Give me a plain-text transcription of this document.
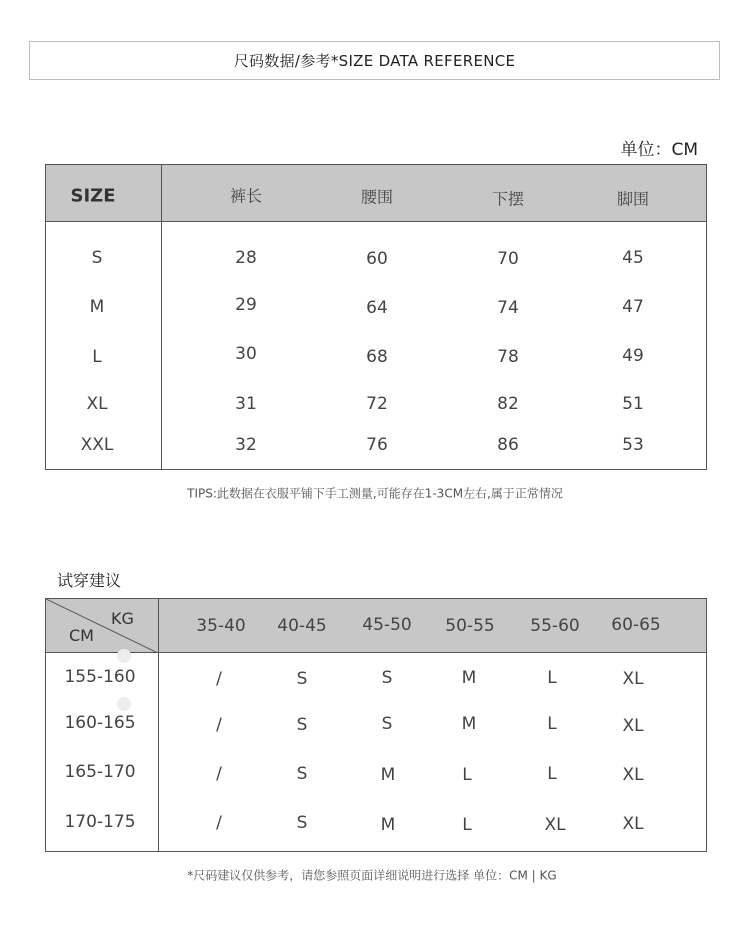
尺码数据/参考*SIZE DATA REFERENCE
单位：CM
SIZE	裤长	腰围	下摆	脚围
S	28	60	70	45
M	29	64	74	47
L	30	68	78	49
XL	31	72	82	51
XXL	32	76	86	53
TIPS:此数据在衣服平铺下手工测量,可能存在1-3CM左右,属于正常情况
试穿建议
KG
CM	35-40 40-45 45-50 50-55 55-60 60-65
155-160	/	S	S	M	L	XL
160-165	/	S	S	M	L	XL
165-170	/	S	M	L	L	XL
170-175	/	S	M	L	XL	XL
*尺码建议仅供参考，请您参照页面详细说明进行选择 单位：CM | KG
